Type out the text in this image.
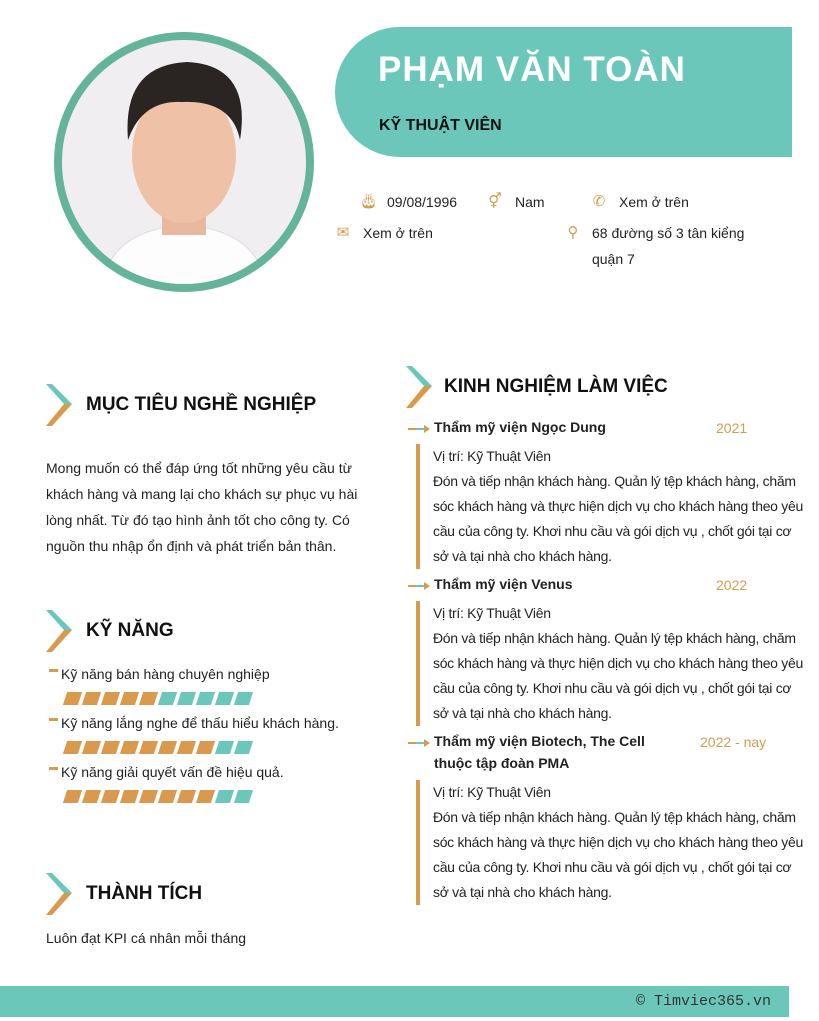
PHẠM VĂN TOÀN
KỸ THUẬT VIÊN
🎂︎ 09/08/1996 ⚥ Nam	✆ Xem ở trên
✉ Xem ở trên	⚲ 68 đường số 3 tân kiểng quận 7
MỤC TIÊU NGHỀ NGHIỆP
Mong muốn có thể đáp ứng tốt những yêu cầu từ khách hàng và mang lại cho khách sự phục vụ hài lòng nhất. Từ đó tạo hình ảnh tốt cho công ty. Có nguồn thu nhập ổn định và phát triển bản thân.
KỸ NĂNG
Kỹ năng bán hàng chuyên nghiệp
Kỹ năng lắng nghe để thấu hiểu khách hàng.
Kỹ năng giải quyết vấn đề hiệu quả.
THÀNH TÍCH
Luôn đạt KPI cá nhân mỗi tháng
KINH NGHIỆM LÀM VIỆC
Thẩm mỹ viện Ngọc Dung	2021
Vị trí: Kỹ Thuật Viên
Đón và tiếp nhận khách hàng. Quản lý tệp khách hàng, chăm sóc khách hàng và thực hiện dịch vụ cho khách hàng theo yêu cầu của công ty. Khơi nhu cầu và gói dịch vụ , chốt gói tại cơ sở và tại nhà cho khách hàng.
Thẩm mỹ viện Venus	2022
Vị trí: Kỹ Thuật Viên
Đón và tiếp nhận khách hàng. Quản lý tệp khách hàng, chăm sóc khách hàng và thực hiện dịch vụ cho khách hàng theo yêu cầu của công ty. Khơi nhu cầu và gói dịch vụ , chốt gói tại cơ sở và tại nhà cho khách hàng.
Thẩm mỹ viện Biotech, The Cell thuộc tập đoàn PMA
2022 - nay
Vị trí: Kỹ Thuật Viên
Đón và tiếp nhận khách hàng. Quản lý tệp khách hàng, chăm sóc khách hàng và thực hiện dịch vụ cho khách hàng theo yêu cầu của công ty. Khơi nhu cầu và gói dịch vụ , chốt gói tại cơ sở và tại nhà cho khách hàng.
© Timviec365.vn
